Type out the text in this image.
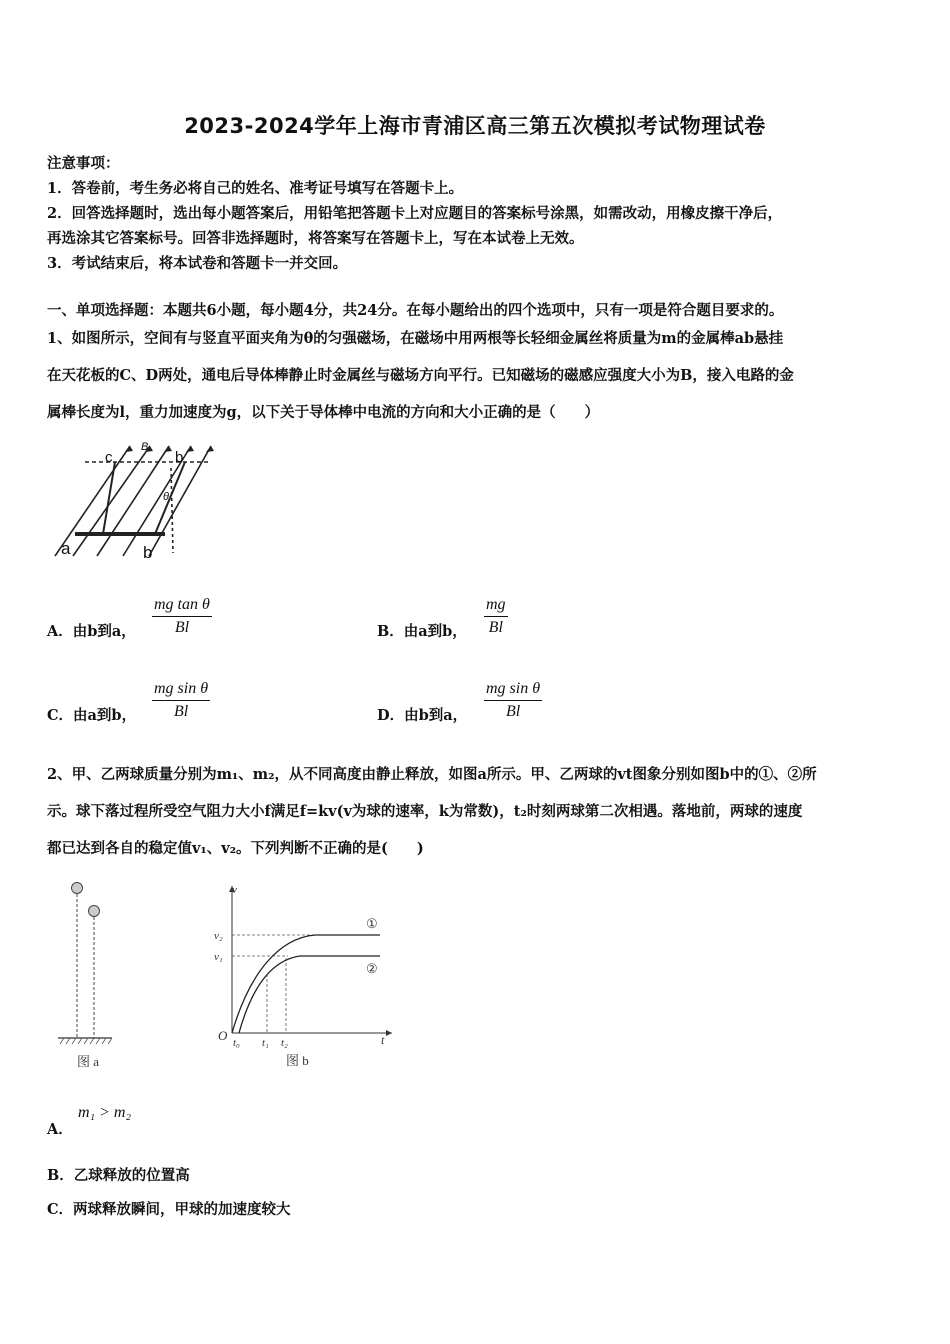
2023-2024学年上海市青浦区高三第五次模拟考试物理试卷
注意事项：
1．答卷前，考生务必将自己的姓名、准考证号填写在答题卡上。
2．回答选择题时，选出每小题答案后，用铅笔把答题卡上对应题目的答案标号涂黑，如需改动，用橡皮擦干净后，
再选涂其它答案标号。回答非选择题时，将答案写在答题卡上，写在本试卷上无效。
3．考试结束后，将本试卷和答题卡一并交回。
一、单项选择题：本题共6小题，每小题4分，共24分。在每小题给出的四个选项中，只有一项是符合题目要求的。
1、如图所示，空间有与竖直平面夹角为θ的匀强磁场，在磁场中用两根等长轻细金属丝将质量为m的金属棒ab悬挂
在天花板的C、D两处，通电后导体棒静止时金属丝与磁场方向平行。已知磁场的磁感应强度大小为B，接入电路的金
属棒长度为l，重力加速度为g，以下关于导体棒中电流的方向和大小正确的是（　　）
c
B
b
θ
a	b
A．由b到a， $\frac{\text{mg tan θ}}{Bl}$	B．由a到b， $\frac{mg}{Bl}$
C．由a到b， $\frac{\text{mg sin θ}}{Bl}$	D．由b到a， $\frac{\text{mg sin θ}}{Bl}$
2、甲、乙两球质量分别为m₁、m₂，从不同高度由静止释放，如图a所示。甲、乙两球的vt图象分别如图b中的①、②所
示。球下落过程所受空气阻力大小f满足f=kv(v为球的速率，k为常数)，t₂时刻两球第二次相遇。落地前，两球的速度
都已达到各自的稳定值v₁、v₂。下列判断不正确的是(　　)
图 a
v
t
O
v₂
v₁
t₀ t₁ t₂
①
②
图 b
A．
m₁ > m₂
B．乙球释放的位置高
C．两球释放瞬间，甲球的加速度较大
